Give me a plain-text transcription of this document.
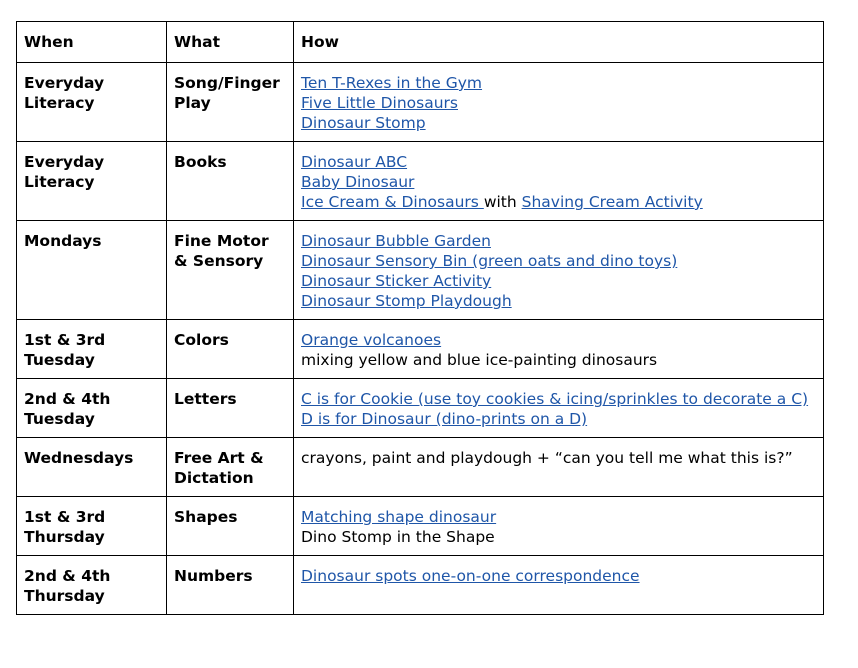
When	What	How
Everyday Literacy	Song/Finger Play	Ten T-Rexes in the Gym
Five Little Dinosaurs
Dinosaur Stomp

Everyday Literacy	Books	Dinosaur ABC
Baby Dinosaur
Ice Cream & Dinosaurs with Shaving Cream Activity

Mondays	Fine Motor & Sensory	Dinosaur Bubble Garden
Dinosaur Sensory Bin (green oats and dino toys)
Dinosaur Sticker Activity
Dinosaur Stomp Playdough

1st & 3rd Tuesday	Colors	Orange volcanoes
mixing yellow and blue ice-painting dinosaurs

2nd & 4th Tuesday	Letters	C is for Cookie (use toy cookies & icing/sprinkles to decorate a C)
D is for Dinosaur (dino-prints on a D)

Wednesdays	Free Art & Dictation	crayons, paint and playdough + “can you tell me what this is?”

1st & 3rd Thursday	Shapes	Matching shape dinosaur
Dino Stomp in the Shape

2nd & 4th Thursday	Numbers	Dinosaur spots one-on-one correspondence
